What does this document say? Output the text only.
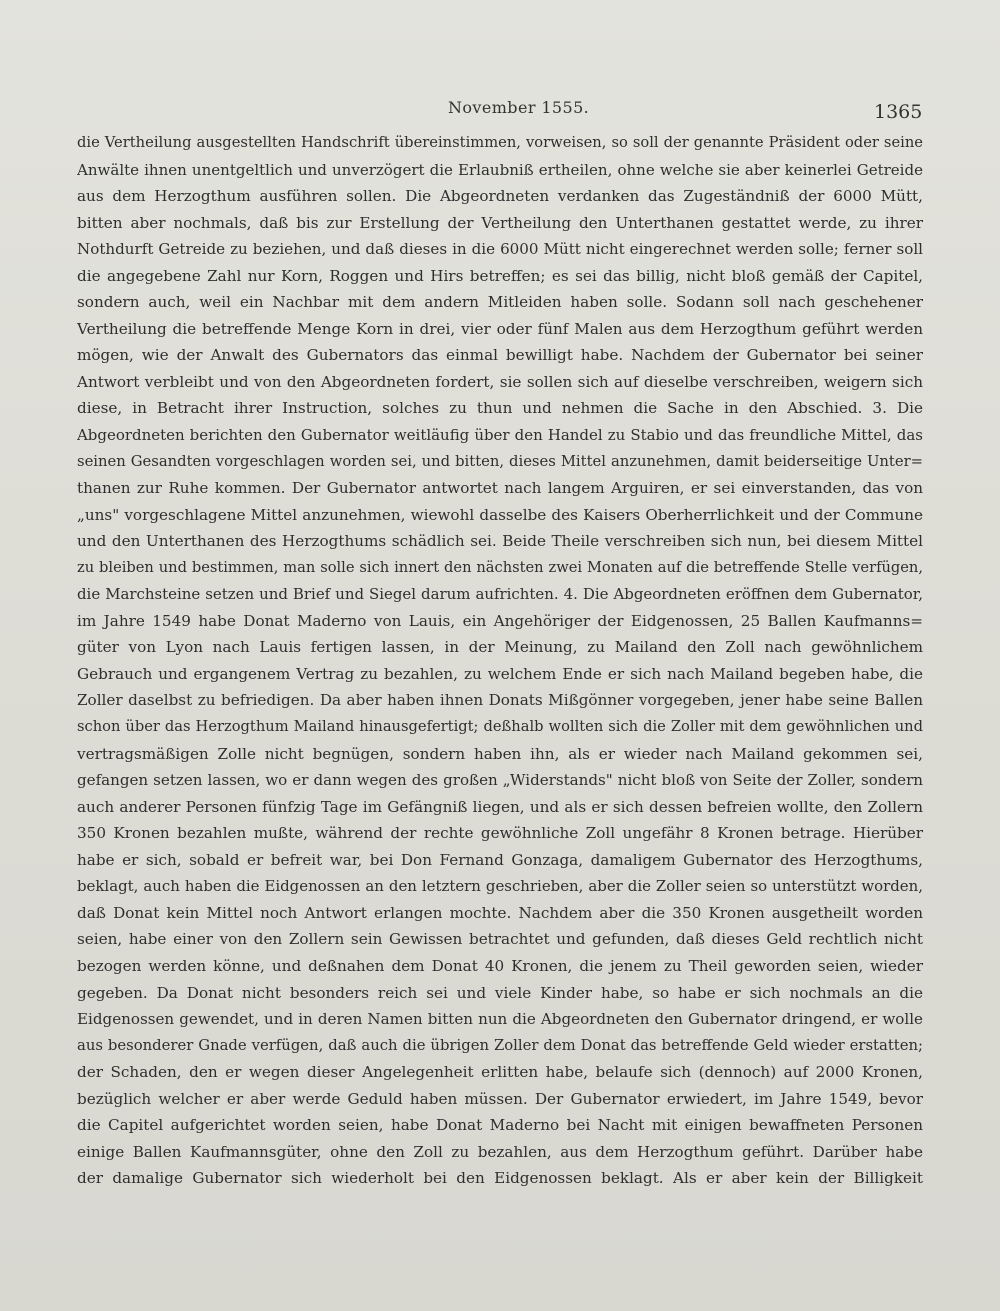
November 1555.	1365
die Vertheilung ausgestellten Handschrift übereinstimmen, vorweisen, so soll der genannte Präsident oder seine
Anwälte ihnen unentgeltlich und unverzögert die Erlaubniß ertheilen, ohne welche sie aber keinerlei Getreide
aus dem Herzogthum ausführen sollen. Die Abgeordneten verdanken das Zugeständniß der 6000 Mütt,
bitten aber nochmals, daß bis zur Erstellung der Vertheilung den Unterthanen gestattet werde, zu ihrer
Nothdurft Getreide zu beziehen, und daß dieses in die 6000 Mütt nicht eingerechnet werden solle; ferner soll
die angegebene Zahl nur Korn, Roggen und Hirs betreffen; es sei das billig, nicht bloß gemäß der Capitel,
sondern auch, weil ein Nachbar mit dem andern Mitleiden haben solle. Sodann soll nach geschehener
Vertheilung die betreffende Menge Korn in drei, vier oder fünf Malen aus dem Herzogthum geführt werden
mögen, wie der Anwalt des Gubernators das einmal bewilligt habe. Nachdem der Gubernator bei seiner
Antwort verbleibt und von den Abgeordneten fordert, sie sollen sich auf dieselbe verschreiben, weigern sich
diese, in Betracht ihrer Instruction, solches zu thun und nehmen die Sache in den Abschied. 3. Die
Abgeordneten berichten den Gubernator weitläufig über den Handel zu Stabio und das freundliche Mittel, das
seinen Gesandten vorgeschlagen worden sei, und bitten, dieses Mittel anzunehmen, damit beiderseitige Unter=
thanen zur Ruhe kommen. Der Gubernator antwortet nach langem Arguiren, er sei einverstanden, das von
„uns" vorgeschlagene Mittel anzunehmen, wiewohl dasselbe des Kaisers Oberherrlichkeit und der Commune
und den Unterthanen des Herzogthums schädlich sei. Beide Theile verschreiben sich nun, bei diesem Mittel
zu bleiben und bestimmen, man solle sich innert den nächsten zwei Monaten auf die betreffende Stelle verfügen,
die Marchsteine setzen und Brief und Siegel darum aufrichten. 4. Die Abgeordneten eröffnen dem Gubernator,
im Jahre 1549 habe Donat Maderno von Lauis, ein Angehöriger der Eidgenossen, 25 Ballen Kaufmanns=
güter von Lyon nach Lauis fertigen lassen, in der Meinung, zu Mailand den Zoll nach gewöhnlichem
Gebrauch und ergangenem Vertrag zu bezahlen, zu welchem Ende er sich nach Mailand begeben habe, die
Zoller daselbst zu befriedigen. Da aber haben ihnen Donats Mißgönner vorgegeben, jener habe seine Ballen
schon über das Herzogthum Mailand hinausgefertigt; deßhalb wollten sich die Zoller mit dem gewöhnlichen und
vertragsmäßigen Zolle nicht begnügen, sondern haben ihn, als er wieder nach Mailand gekommen sei,
gefangen setzen lassen, wo er dann wegen des großen „Widerstands" nicht bloß von Seite der Zoller, sondern
auch anderer Personen fünfzig Tage im Gefängniß liegen, und als er sich dessen befreien wollte, den Zollern
350 Kronen bezahlen mußte, während der rechte gewöhnliche Zoll ungefähr 8 Kronen betrage. Hierüber
habe er sich, sobald er befreit war, bei Don Fernand Gonzaga, damaligem Gubernator des Herzogthums,
beklagt, auch haben die Eidgenossen an den letztern geschrieben, aber die Zoller seien so unterstützt worden,
daß Donat kein Mittel noch Antwort erlangen mochte. Nachdem aber die 350 Kronen ausgetheilt worden
seien, habe einer von den Zollern sein Gewissen betrachtet und gefunden, daß dieses Geld rechtlich nicht
bezogen werden könne, und deßnahen dem Donat 40 Kronen, die jenem zu Theil geworden seien, wieder
gegeben. Da Donat nicht besonders reich sei und viele Kinder habe, so habe er sich nochmals an die
Eidgenossen gewendet, und in deren Namen bitten nun die Abgeordneten den Gubernator dringend, er wolle
aus besonderer Gnade verfügen, daß auch die übrigen Zoller dem Donat das betreffende Geld wieder erstatten;
der Schaden, den er wegen dieser Angelegenheit erlitten habe, belaufe sich (dennoch) auf 2000 Kronen,
bezüglich welcher er aber werde Geduld haben müssen. Der Gubernator erwiedert, im Jahre 1549, bevor
die Capitel aufgerichtet worden seien, habe Donat Maderno bei Nacht mit einigen bewaffneten Personen
einige Ballen Kaufmannsgüter, ohne den Zoll zu bezahlen, aus dem Herzogthum geführt. Darüber habe
der damalige Gubernator sich wiederholt bei den Eidgenossen beklagt. Als er aber kein der Billigkeit
